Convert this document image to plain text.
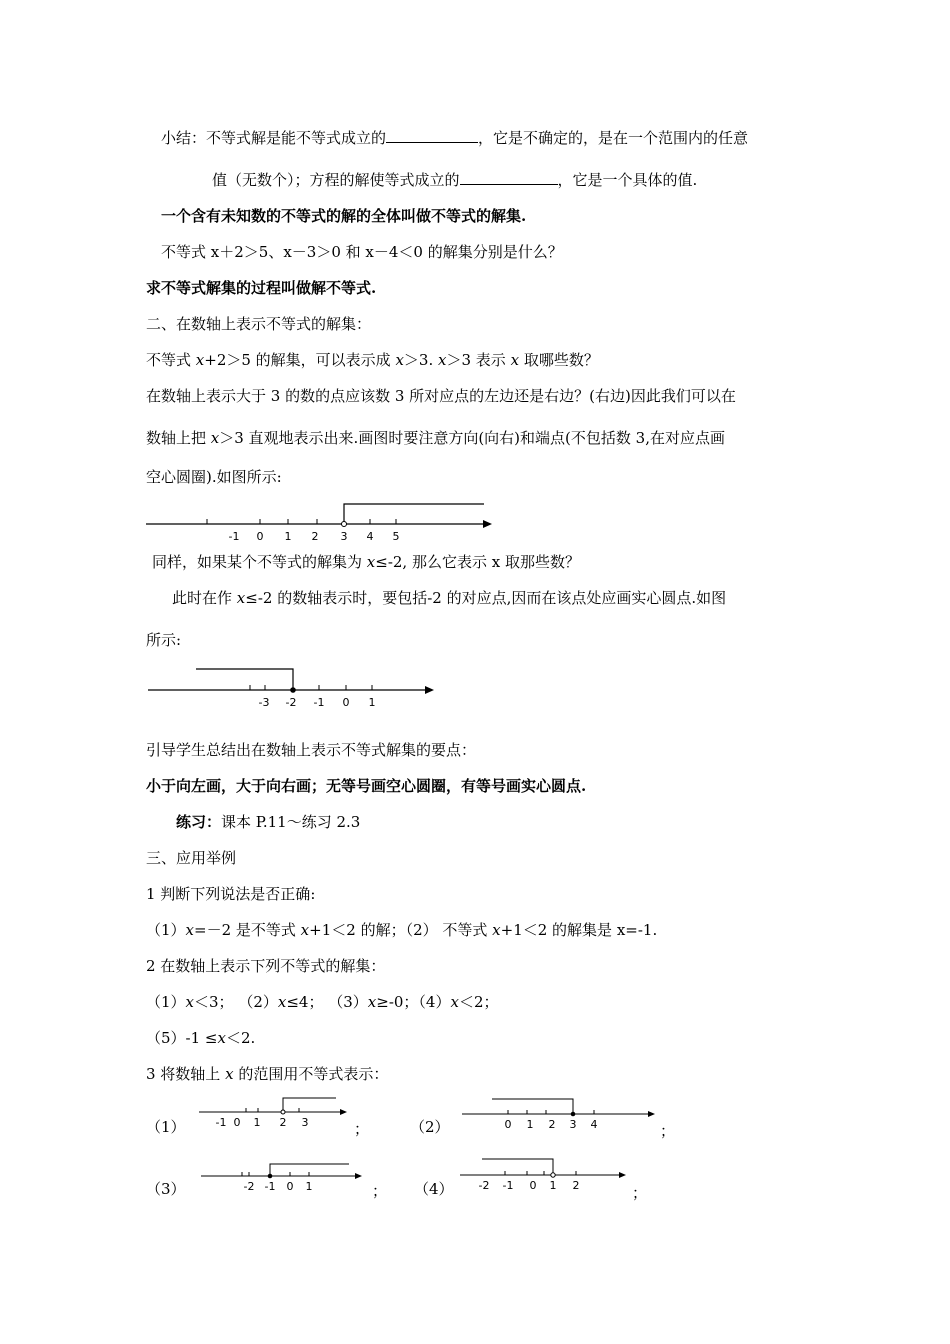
小结：不等式解是能不等式成立的	，它是不确定的，是在一个范围内的任意
值（无数个）；方程的解使等式成立的	，它是一个具体的值.
一个含有未知数的不等式的解的全体叫做不等式的解集.
不等式 x＋2＞5、x－3＞0 和 x－4＜0 的解集分别是什么？
求不等式解集的过程叫做解不等式.
二、在数轴上表示不等式的解集：
不等式 x+2＞5 的解集，可以表示成 x＞3. x＞3 表示 x 取哪些数？
在数轴上表示大于 3 的数的点应该数 3 所对应点的左边还是右边？(右边)因此我们可以在
数轴上把 x＞3 直观地表示出来.画图时要注意方向(向右)和端点(不包括数 3,在对应点画
空心圆圈).如图所示:
-1 0 1 2 3 4 5
同样，如果某个不等式的解集为 x≤-2, 那么它表示 x 取那些数？
此时在作 x≤-2 的数轴表示时，要包括-2 的对应点,因而在该点处应画实心圆点.如图
所示:
-3 -2 -1 0 1
引导学生总结出在数轴上表示不等式解集的要点：
小于向左画，大于向右画；无等号画空心圆圈，有等号画实心圆点.
练习：课本 P.11～练习 2.3
三、应用举例
1 判断下列说法是否正确:
（1）x=－2 是不等式 x+1＜2 的解；（2） 不等式 x+1＜2 的解集是 x=-1.
2 在数轴上表示下列不等式的解集：
（1）x＜3； （2）x≤4； （3）x≥-0；（4）x＜2；
（5）-1 ≤x＜2.
3 将数轴上 x 的范围用不等式表示：
（1）	（2）
（3）	（4）
；	；
；	；
-1 0 1 2 3	0 1 2 3 4
-2 -1 0 1	-2 -1 0 1 2
